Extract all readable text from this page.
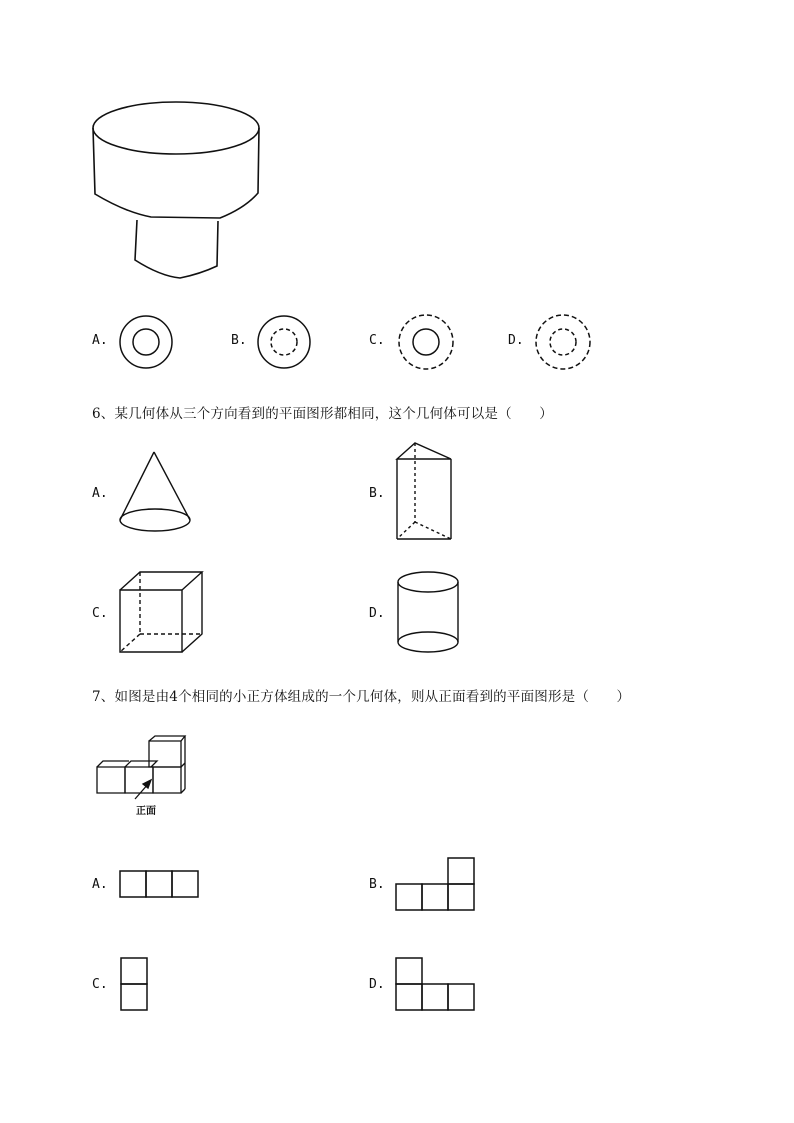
A.	B.	C.	D.
6、某几何体从三个方向看到的平面图形都相同，这个几何体可以是（　　）
A.	B.
C.	D.
7、如图是由4个相同的小正方体组成的一个几何体，则从正面看到的平面图形是（　　）
正面
A.	B.
C.	D.
